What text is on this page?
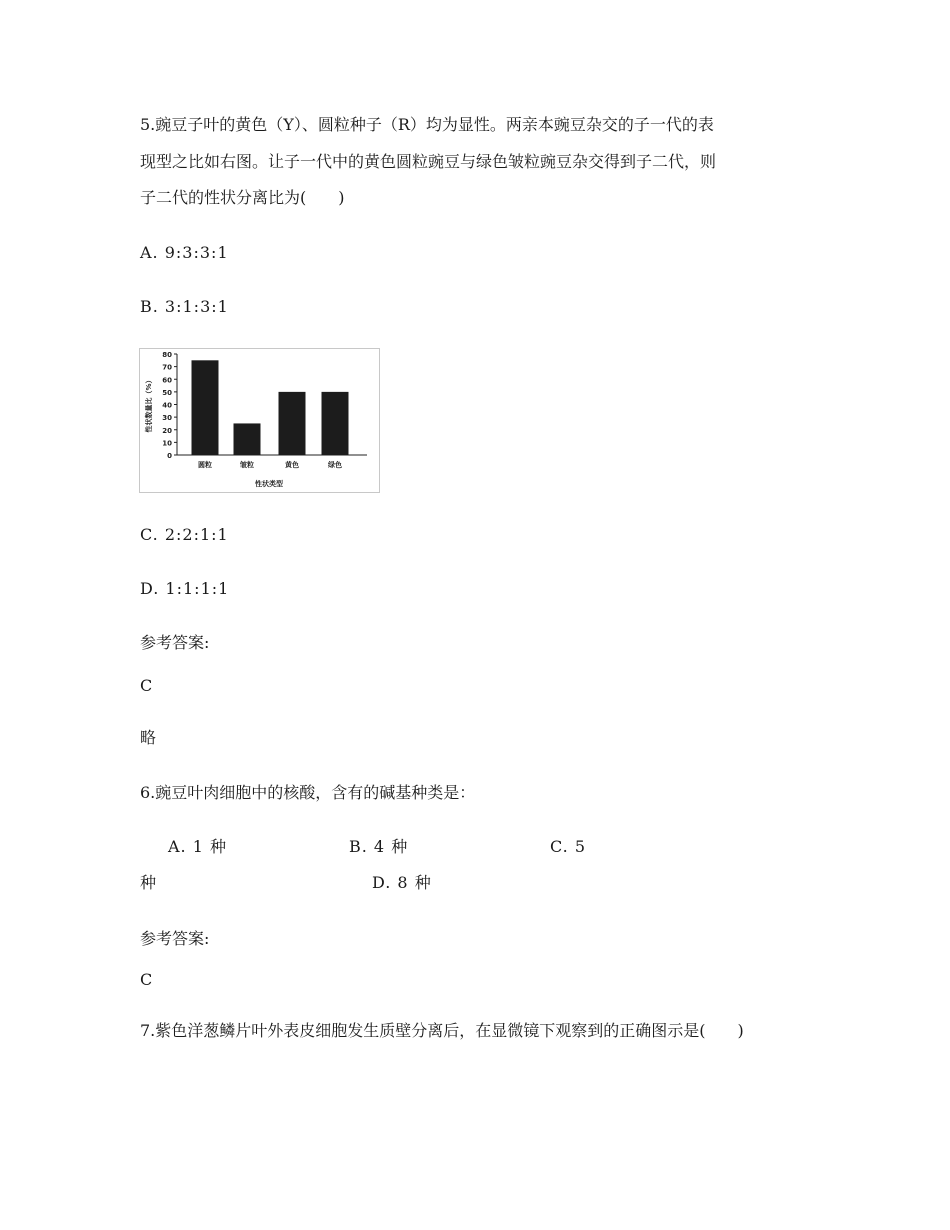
5.豌豆子叶的黄色（Y）、圆粒种子（R）均为显性。两亲本豌豆杂交的子一代的表
现型之比如右图。让子一代中的黄色圆粒豌豆与绿色皱粒豌豆杂交得到子二代，则
子二代的性状分离比为(　　)
A. 9:3:3:1
B. 3:1:3:1
0
10
20
30
40
50
60
70
80
性状数量比（%）
圆粒	皱粒	黄色	绿色
性状类型
C. 2:2:1:1
D. 1:1:1:1
参考答案:
C
略
6.豌豆叶肉细胞中的核酸，含有的碱基种类是：
A. 1 种	B. 4 种	C. 5
种	D. 8 种
参考答案:
C
7.紫色洋葱鳞片叶外表皮细胞发生质壁分离后，在显微镜下观察到的正确图示是(　　)
